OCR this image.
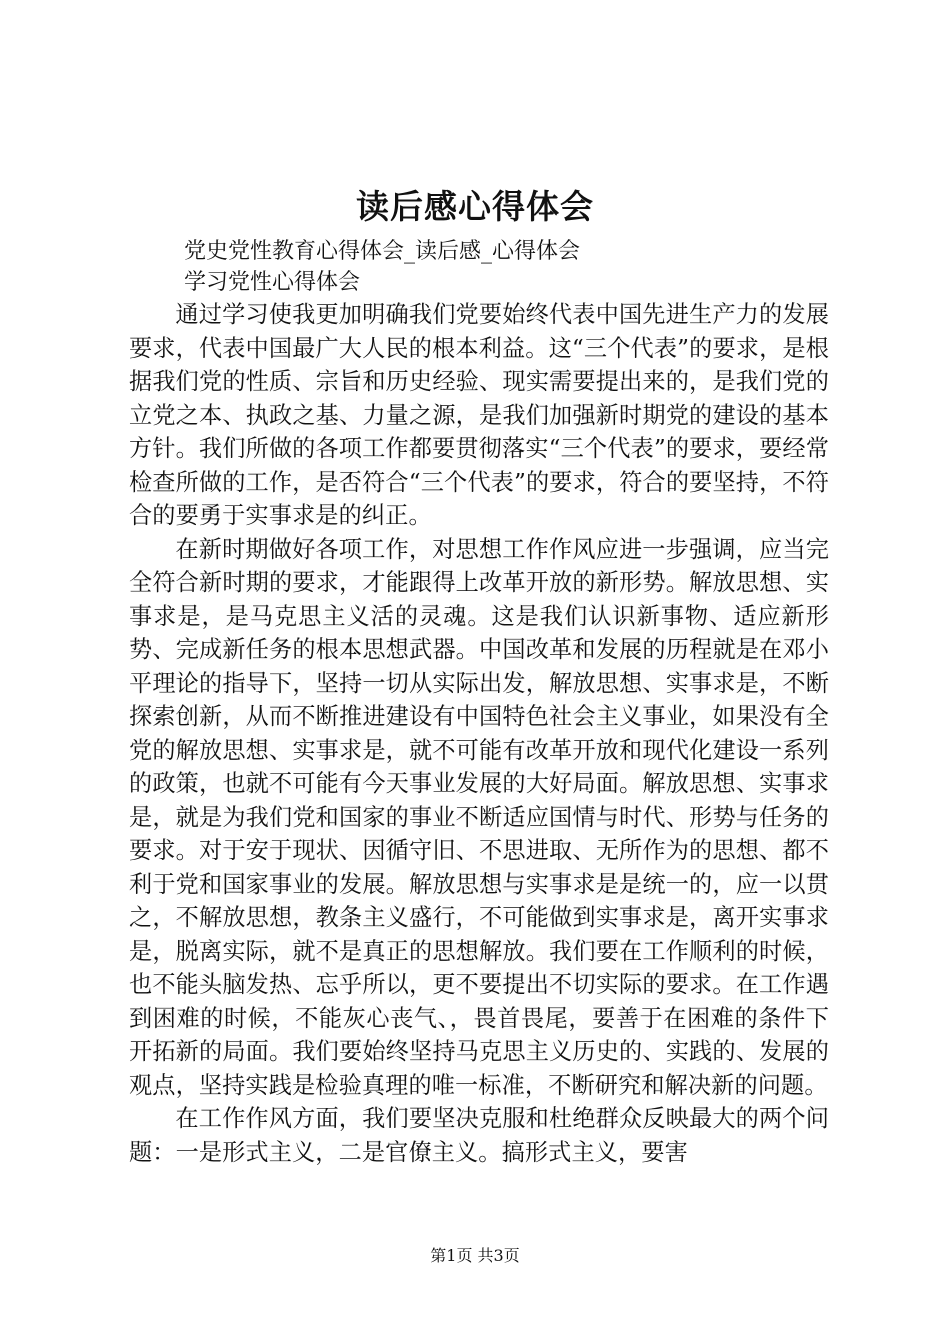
读后感心得体会
党史党性教育心得体会_读后感_心得体会
学习党性心得体会

通过学习使我更加明确我们党要始终代表中国先进生产力的发展要求，代表中国最广大人民的根本利益。这“三个代表”的要求，是根据我们党的性质、宗旨和历史经验、现实需要提出来的，是我们党的立党之本、执政之基、力量之源，是我们加强新时期党的建设的基本方针。我们所做的各项工作都要贯彻落实“三个代表”的要求，要经常检查所做的工作，是否符合“三个代表”的要求，符合的要坚持，不符合的要勇于实事求是的纠正。

在新时期做好各项工作，对思想工作作风应进一步强调，应当完全符合新时期的要求，才能跟得上改革开放的新形势。解放思想、实事求是，是马克思主义活的灵魂。这是我们认识新事物、适应新形势、完成新任务的根本思想武器。中国改革和发展的历程就是在邓小平理论的指导下，坚持一切从实际出发，解放思想、实事求是，不断探索创新，从而不断推进建设有中国特色社会主义事业，如果没有全党的解放思想、实事求是，就不可能有改革开放和现代化建设一系列的政策，也就不可能有今天事业发展的大好局面。解放思想、实事求是，就是为我们党和国家的事业不断适应国情与时代、形势与任务的要求。对于安于现状、因循守旧、不思进取、无所作为的思想、都不利于党和国家事业的发展。解放思想与实事求是是统一的，应一以贯之，不解放思想，教条主义盛行，不可能做到实事求是，离开实事求是，脱离实际，就不是真正的思想解放。我们要在工作顺利的时候，也不能头脑发热、忘乎所以，更不要提出不切实际的要求。在工作遇到困难的时候，不能灰心丧气、，畏首畏尾，要善于在困难的条件下开拓新的局面。我们要始终坚持马克思主义历史的、实践的、发展的观点，坚持实践是检验真理的唯一标准，不断研究和解决新的问题。

在工作作风方面，我们要坚决克服和杜绝群众反映最大的两个问题：一是形式主义，二是官僚主义。搞形式主义，要害

第1页 共3页
